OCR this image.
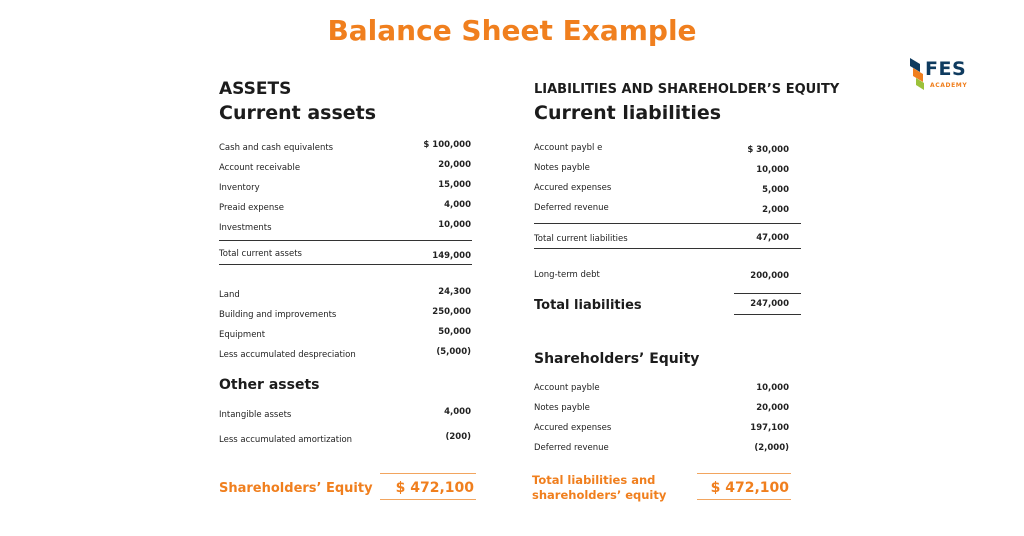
Balance Sheet Example
FES
ACADEMY
ASSETS
Current assets
Cash and cash equivalents	$ 100,000
Account receivable	20,000
Inventory	15,000
Preaid expense	4,000
Investments	10,000
Total current assets	149,000
Land	24,300
Building and improvements	250,000
Equipment	50,000
Less accumulated despreciation	(5,000)
Other assets
Intangible assets	4,000
Less accumulated amortization	(200)
Shareholders’ Equity	$ 472,100
LIABILITIES AND SHAREHOLDER’S EQUITY
Current liabilities
Account paybl e	$ 30,000
Notes payble	10,000
Accured expenses	5,000
Deferred revenue	2,000
Total current liabilities	47,000
Long-term debt	200,000
Total liabilities	247,000
Shareholders’ Equity
Account payble	10,000
Notes payble	20,000
Accured expenses	197,100
Deferred revenue	(2,000)
Total liabilities and
shareholders’ equity	$ 472,100
